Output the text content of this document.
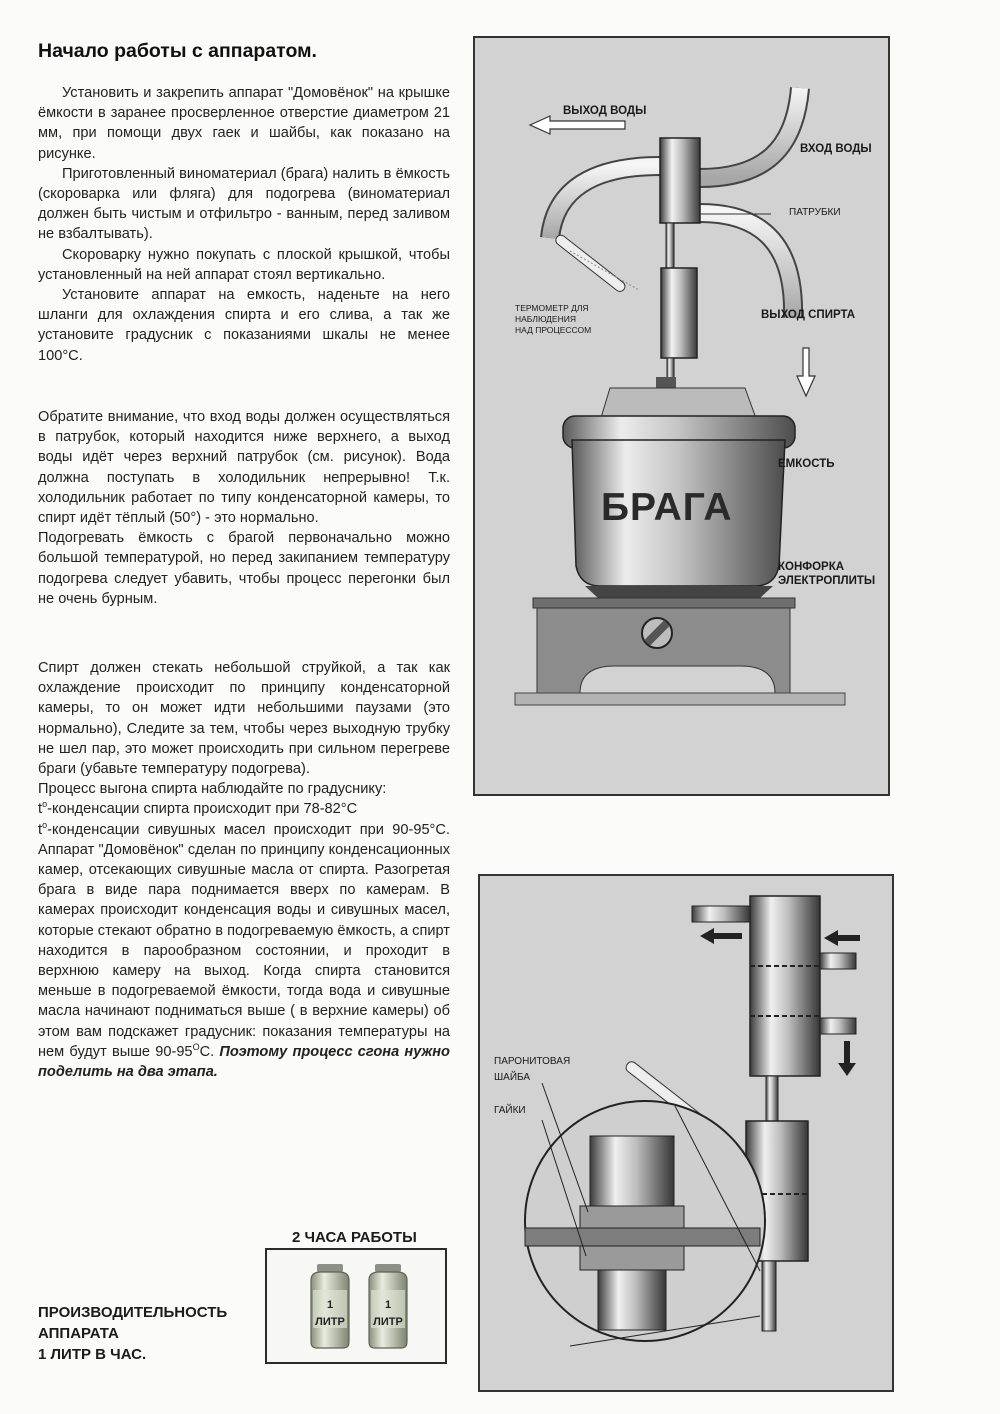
Начало работы с аппаратом.

Установить и закрепить аппарат "Домовёнок" на крышке ёмкости в заранее просверленное отверстие диаметром 21 мм, при помощи двух гаек и шайбы, как показано на рисунке.

Приготовленный виноматериал (брага) налить в ёмкость (скороварка или фляга) для подогрева (виноматериал должен быть чистым и отфильтро - ванным, перед заливом не взбалтывать).

Скороварку нужно покупать с плоской крышкой, чтобы установленный на ней аппарат стоял вертикально.

Установите аппарат на емкость, наденьте на него шланги для охлаждения спирта и его слива, а так же установите градусник с показаниями шкалы не менее 100°С.

Обратите внимание, что вход воды должен осуществляться в патрубок, который находится ниже верхнего, а выход воды идёт через верхний патрубок (см. рисунок). Вода должна поступать в холодильник непрерывно! Т.к. холодильник работает по типу конденсаторной камеры, то спирт идёт тёплый (50°) - это нормально.

Подогревать ёмкость с брагой первоначально можно большой температурой, но перед закипанием температуру подогрева следует убавить, чтобы процесс перегонки был не очень бурным.

Спирт должен стекать небольшой струйкой, а так как охлаждение происходит по принципу конденсаторной камеры, то он может идти небольшими паузами (это нормально), Следите за тем, чтобы через выходную трубку не шел пар, это может происходить при сильном перегреве браги (убавьте температуру подогрева).

Процесс выгона спирта наблюдайте по градуснику:

$t^о$-конденсации спирта происходит при 78-82°С

$t^о$-конденсации сивушных масел происходит при 90-95°С. Аппарат "Домовёнок" сделан по принципу конденсационных камер, отсекающих сивушные масла от спирта. Разогретая брага в виде пара поднимается вверх по камерам. В камерах происходит конденсация воды и сивушных масел, которые стекают обратно в подогреваемую ёмкость, а спирт находится в парообразном состоянии, и проходит в верхнюю камеру на выход. Когда спирта становится меньше в подогреваемой ёмкости, тогда вода и сивушные масла начинают подниматься выше ( в верхние камеры) об этом вам подскажет градусник: показания температуры на нем будут выше $90-95^ОС$. Поэтому процесс сгона нужно поделить на два этапа.

ПРОИЗВОДИТЕЛЬНОСТЬ
АППАРАТА
1 ЛИТР В ЧАС.
2 ЧАСА РАБОТЫ
1
ЛИТР
1
ЛИТР
ВЫХОД ВОДЫ
ВХОД ВОДЫ
ПАТРУБКИ
ТЕРМОМЕТР ДЛЯ
НАБЛЮДЕНИЯ
НАД ПРОЦЕССОМ
ВЫХОД СПИРТА
ЕМКОСТЬ
БРАГА
КОНФОРКА
ЭЛЕКТРОПЛИТЫ
ПАРОНИТОВАЯ
ШАЙБА
ГАЙКИ
